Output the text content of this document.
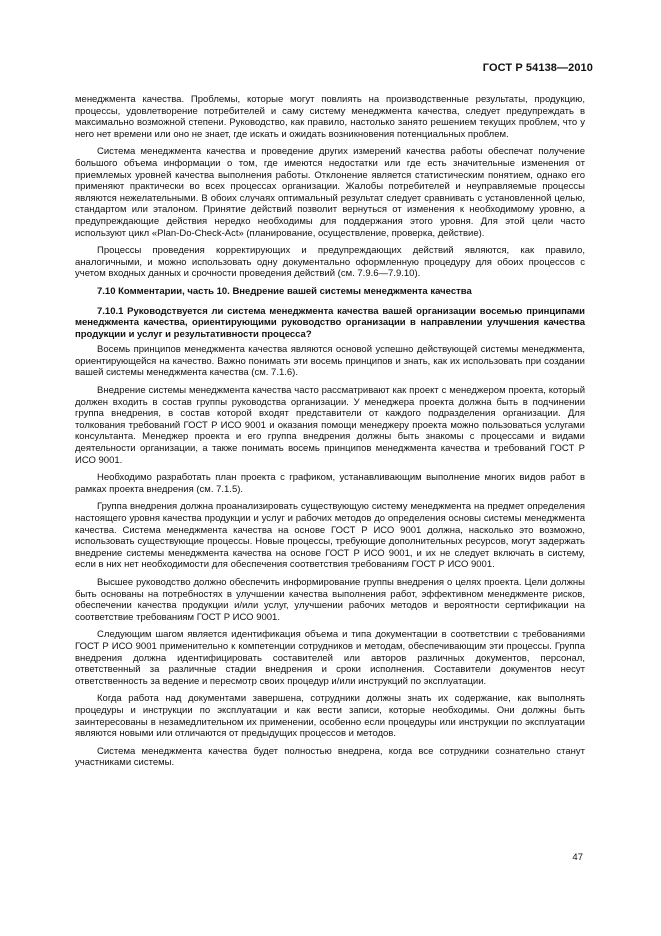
ГОСТ Р 54138—2010

менеджмента качества. Проблемы, которые могут повлиять на производственные результаты, продукцию, процессы, удовлетворение потребителей и саму систему менеджмента качества, следует предупреждать в максимально возможной степени. Руководство, как правило, настолько занято решением текущих проблем, что у него нет времени или оно не знает, где искать и ожидать возникновения потенциальных проблем.

Система менеджмента качества и проведение других измерений качества работы обеспечат получение большого объема информации о том, где имеются недостатки или где есть значительные изменения от приемлемых уровней качества выполнения работы. Отклонение является статистическим понятием, однако его применяют практически во всех процессах организации. Жалобы потребителей и неуправляемые процессы являются нежелательными. В обоих случаях оптимальный результат следует сравнивать с установленной целью, стандартом или эталоном. Принятие действий позволит вернуться от изменения к необходимому уровню, а предупреждающие действия нередко необходимы для поддержания этого уровня. Для этой цели часто используют цикл «Plan-Do-Check-Act» (планирование, осуществление, проверка, действие).

Процессы проведения корректирующих и предупреждающих действий являются, как правило, аналогичными, и можно использовать одну документально оформленную процедуру для обоих процессов с учетом входных данных и срочности проведения действий (см. 7.9.6—7.9.10).

7.10 Комментарии, часть 10. Внедрение вашей системы менеджмента качества
7.10.1 Руководствуется ли система менеджмента качества вашей организации восемью принципами менеджмента качества, ориентирующими руководство организации в направлении улучшения качества продукции и услуг и результативности процесса?

Восемь принципов менеджмента качества являются основой успешно действующей системы менеджмента, ориентирующейся на качество. Важно понимать эти восемь принципов и знать, как их использовать при создании вашей системы менеджмента качества (см. 7.1.6).

Внедрение системы менеджмента качества часто рассматривают как проект с менеджером проекта, который должен входить в состав группы руководства организации. У менеджера проекта должна быть в подчинении группа внедрения, в состав которой входят представители от каждого подразделения организации. Для толкования требований ГОСТ Р ИСО 9001 и оказания помощи менеджеру проекта можно пользоваться услугами консультанта. Менеджер проекта и его группа внедрения должны быть знакомы с процессами и видами деятельности организации, а также понимать восемь принципов менеджмента качества и требований ГОСТ Р ИСО 9001.

Необходимо разработать план проекта с графиком, устанавливающим выполнение многих видов работ в рамках проекта внедрения (см. 7.1.5).

Группа внедрения должна проанализировать существующую систему менеджмента на предмет определения настоящего уровня качества продукции и услуг и рабочих методов до определения основы системы менеджмента качества. Система менеджмента качества на основе ГОСТ Р ИСО 9001 должна, насколько это возможно, использовать существующие процессы. Новые процессы, требующие дополнительных ресурсов, могут задержать внедрение системы менеджмента качества на основе ГОСТ Р ИСО 9001, и их не следует включать в систему, если в них нет необходимости для обеспечения соответствия требованиям ГОСТ Р ИСО 9001.

Высшее руководство должно обеспечить информирование группы внедрения о целях проекта. Цели должны быть основаны на потребностях в улучшении качества выполнения работ, эффективном менеджменте рисков, обеспечении качества продукции и/или услуг, улучшении рабочих методов и вероятности сертификации на соответствие требованиям ГОСТ Р ИСО 9001.

Следующим шагом является идентификация объема и типа документации в соответствии с требованиями ГОСТ Р ИСО 9001 применительно к компетенции сотрудников и методам, обеспечивающим эти процессы. Группа внедрения должна идентифицировать составителей или авторов различных документов, персонал, ответственный за различные стадии внедрения и сроки исполнения. Составители документов несут ответственность за ведение и пересмотр своих процедур и/или инструкций по эксплуатации.

Когда работа над документами завершена, сотрудники должны знать их содержание, как выполнять процедуры и инструкции по эксплуатации и как вести записи, которые необходимы. Они должны быть заинтересованы в незамедлительном их применении, особенно если процедуры или инструкции по эксплуатации являются новыми или отличаются от предыдущих процессов и методов.

Система менеджмента качества будет полностью внедрена, когда все сотрудники сознательно станут участниками системы.

47
